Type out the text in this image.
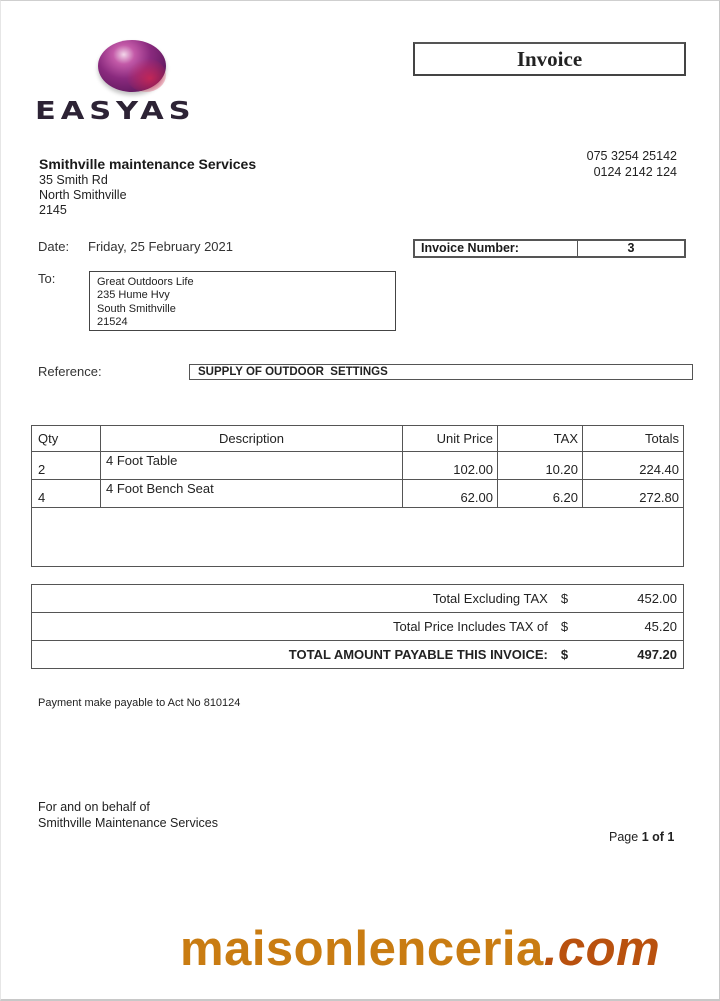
EASYAS
Invoice
Smithville maintenance Services
35 Smith Rd
North Smithville
2145
075 3254 25142
0124 2142 124
Date: Friday, 25 February 2021	Invoice Number:	3
To:	Great Outdoors Life
235 Hume Hvy
South Smithville
21524
Reference:	SUPPLY OF OUTDOOR  SETTINGS
Qty	Description	Unit Price	TAX	Totals
2	4 Foot Table	102.00	10.20	224.40
4	4 Foot Bench Seat	62.00	6.20	272.80

Total Excluding TAX	$	452.00
Total Price Includes TAX of	$	45.20
TOTAL AMOUNT PAYABLE THIS INVOICE:	$	497.20
Payment make payable to Act No 810124
For and on behalf of
Smithville Maintenance Services
Page 1 of 1
maisonlenceria.com
